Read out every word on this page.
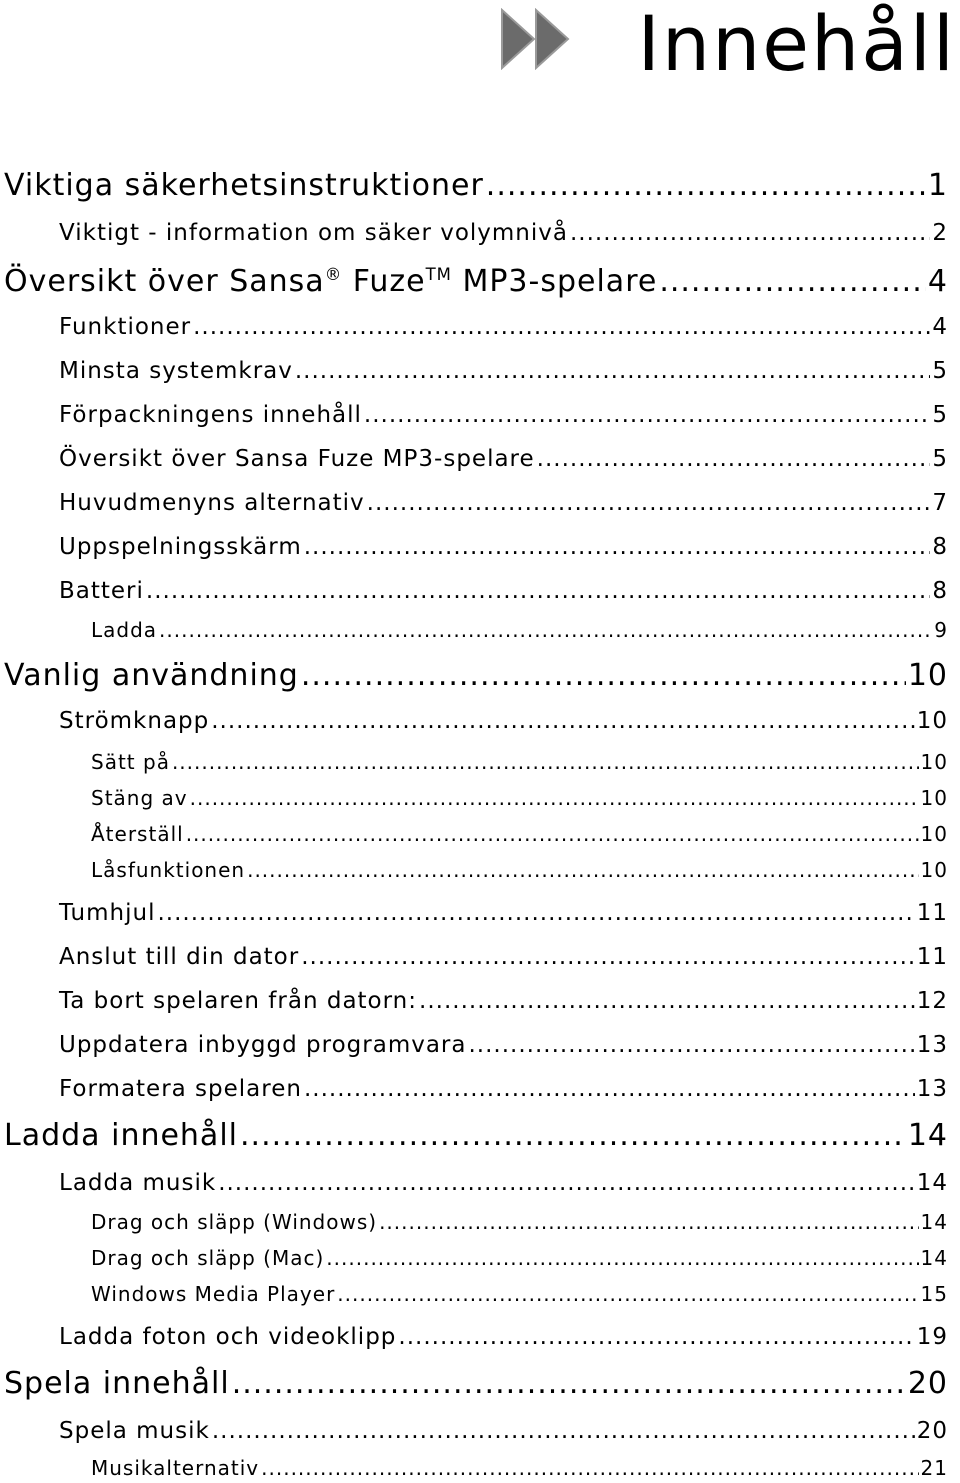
Innehåll
Viktiga säkerhetsinstruktioner .....	1
Viktigt - information om säker volymnivå .....	2
Översikt över Sansa® Fuze™ MP3-spelare .....	4
Funktioner .....	4
Minsta systemkrav .....	5
Förpackningens innehåll .....	5
Översikt över Sansa Fuze MP3-spelare .....	5
Huvudmenyns alternativ .....	7
Uppspelningsskärm .....	8
Batteri .....	8
Ladda .....	9
Vanlig användning .....	10
Strömknapp .....	10
Sätt på .....	10
Stäng av .....	10
Återställ .....	10
Låsfunktionen .....	10
Tumhjul .....	11
Anslut till din dator .....	11
Ta bort spelaren från datorn: .....	12
Uppdatera inbyggd programvara .....	13
Formatera spelaren .....	13
Ladda innehåll .....	14
Ladda musik .....	14
Drag och släpp (Windows) .....	14
Drag och släpp (Mac) .....	14
Windows Media Player .....	15
Ladda foton och videoklipp .....	19
Spela innehåll .....	20
Spela musik .....	20
Musikalternativ .....	21
